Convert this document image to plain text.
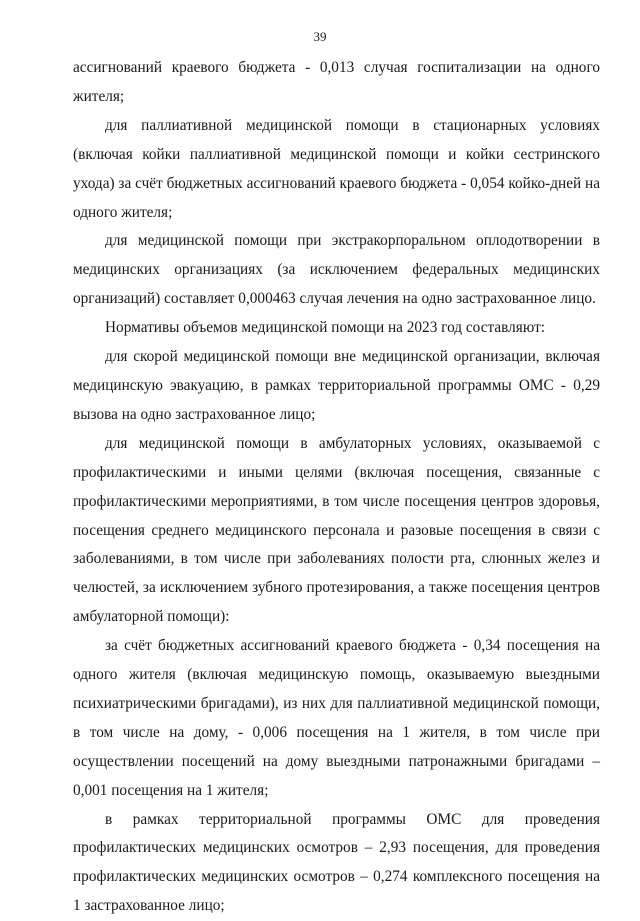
39

ассигнований краевого бюджета - 0,013 случая госпитализации на одного жителя;

для паллиативной медицинской помощи в стационарных условиях (включая койки паллиативной медицинской помощи и койки сестринского ухода) за счёт бюджетных ассигнований краевого бюджета - 0,054 койко-дней на одного жителя;

для медицинской помощи при экстракорпоральном оплодотворении в медицинских организациях (за исключением федеральных медицинских организаций) составляет 0,000463 случая лечения на одно застрахованное лицо.

Нормативы объемов медицинской помощи на 2023 год составляют:

для скорой медицинской помощи вне медицинской организации, включая медицинскую эвакуацию, в рамках территориальной программы ОМС - 0,29 вызова на одно застрахованное лицо;

для медицинской помощи в амбулаторных условиях, оказываемой с профилактическими и иными целями (включая посещения, связанные с профилактическими мероприятиями, в том числе посещения центров здоровья, посещения среднего медицинского персонала и разовые посещения в связи с заболеваниями, в том числе при заболеваниях полости рта, слюнных желез и челюстей, за исключением зубного протезирования, а также посещения центров амбулаторной помощи):

за счёт бюджетных ассигнований краевого бюджета - 0,34 посещения на одного жителя (включая медицинскую помощь, оказываемую выездными психиатрическими бригадами), из них для паллиативной медицинской помощи, в том числе на дому, - 0,006 посещения на 1 жителя, в том числе при осуществлении посещений на дому выездными патронажными бригадами – 0,001 посещения на 1 жителя;

в рамках территориальной программы ОМС для проведения профилактических медицинских осмотров – 2,93 посещения, для проведения профилактических медицинских осмотров – 0,274 комплексного посещения на 1 застрахованное лицо;
